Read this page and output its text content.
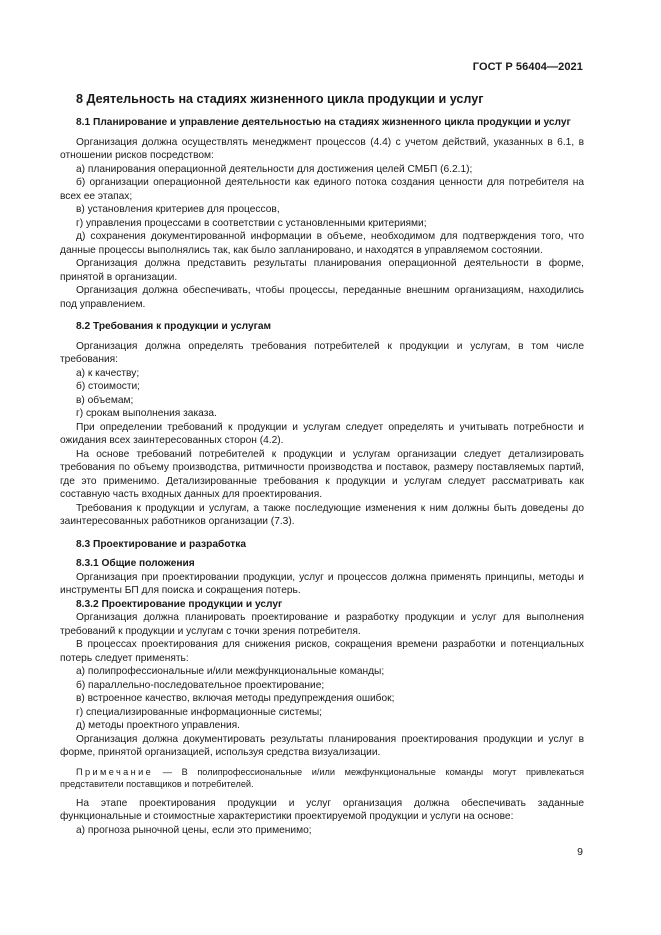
ГОСТ Р 56404—2021
8 Деятельность на стадиях жизненного цикла продукции и услуг
8.1 Планирование и управление деятельностью на стадиях жизненного цикла продукции и услуг

Организация должна осуществлять менеджмент процессов (4.4) с учетом действий, указанных в 6.1, в отношении рисков посредством:

а) планирования операционной деятельности для достижения целей СМБП (6.2.1);

б) организации операционной деятельности как единого потока создания ценности для потребителя на всех ее этапах;

в) установления критериев для процессов,

г) управления процессами в соответствии с установленными критериями;

д) сохранения документированной информации в объеме, необходимом для подтверждения того, что данные процессы выполнялись так, как было запланировано, и находятся в управляемом состоянии.

Организация должна представить результаты планирования операционной деятельности в форме, принятой в организации.

Организация должна обеспечивать, чтобы процессы, переданные внешним организациям, находились под управлением.

8.2 Требования к продукции и услугам

Организация должна определять требования потребителей к продукции и услугам, в том числе требования:

а) к качеству;

б) стоимости;

в) объемам;

г) срокам выполнения заказа.

При определении требований к продукции и услугам следует определять и учитывать потребности и ожидания всех заинтересованных сторон (4.2).

На основе требований потребителей к продукции и услугам организации следует детализировать требования по объему производства, ритмичности производства и поставок, размеру поставляемых партий, где это применимо. Детализированные требования к продукции и услугам следует рассматривать как составную часть входных данных для проектирования.

Требования к продукции и услугам, а также последующие изменения к ним должны быть доведены до заинтересованных работников организации (7.3).

8.3 Проектирование и разработка
8.3.1 Общие положения

Организация при проектировании продукции, услуг и процессов должна применять принципы, методы и инструменты БП для поиска и сокращения потерь.

8.3.2 Проектирование продукции и услуг

Организация должна планировать проектирование и разработку продукции и услуг для выполнения требований к продукции и услугам с точки зрения потребителя.

В процессах проектирования для снижения рисков, сокращения времени разработки и потенциальных потерь следует применять:

а) полипрофессиональные и/или межфункциональные команды;

б) параллельно-последовательное проектирование;

в) встроенное качество, включая методы предупреждения ошибок;

г) специализированные информационные системы;

д) методы проектного управления.

Организация должна документировать результаты планирования проектирования продукции и услуг в форме, принятой организацией, используя средства визуализации.

Примечание — В полипрофессиональные и/или межфункциональные команды могут привлекаться представители поставщиков и потребителей.

На этапе проектирования продукции и услуг организация должна обеспечивать заданные функциональные и стоимостные характеристики проектируемой продукции и услуги на основе:

а) прогноза рыночной цены, если это применимо;

9
